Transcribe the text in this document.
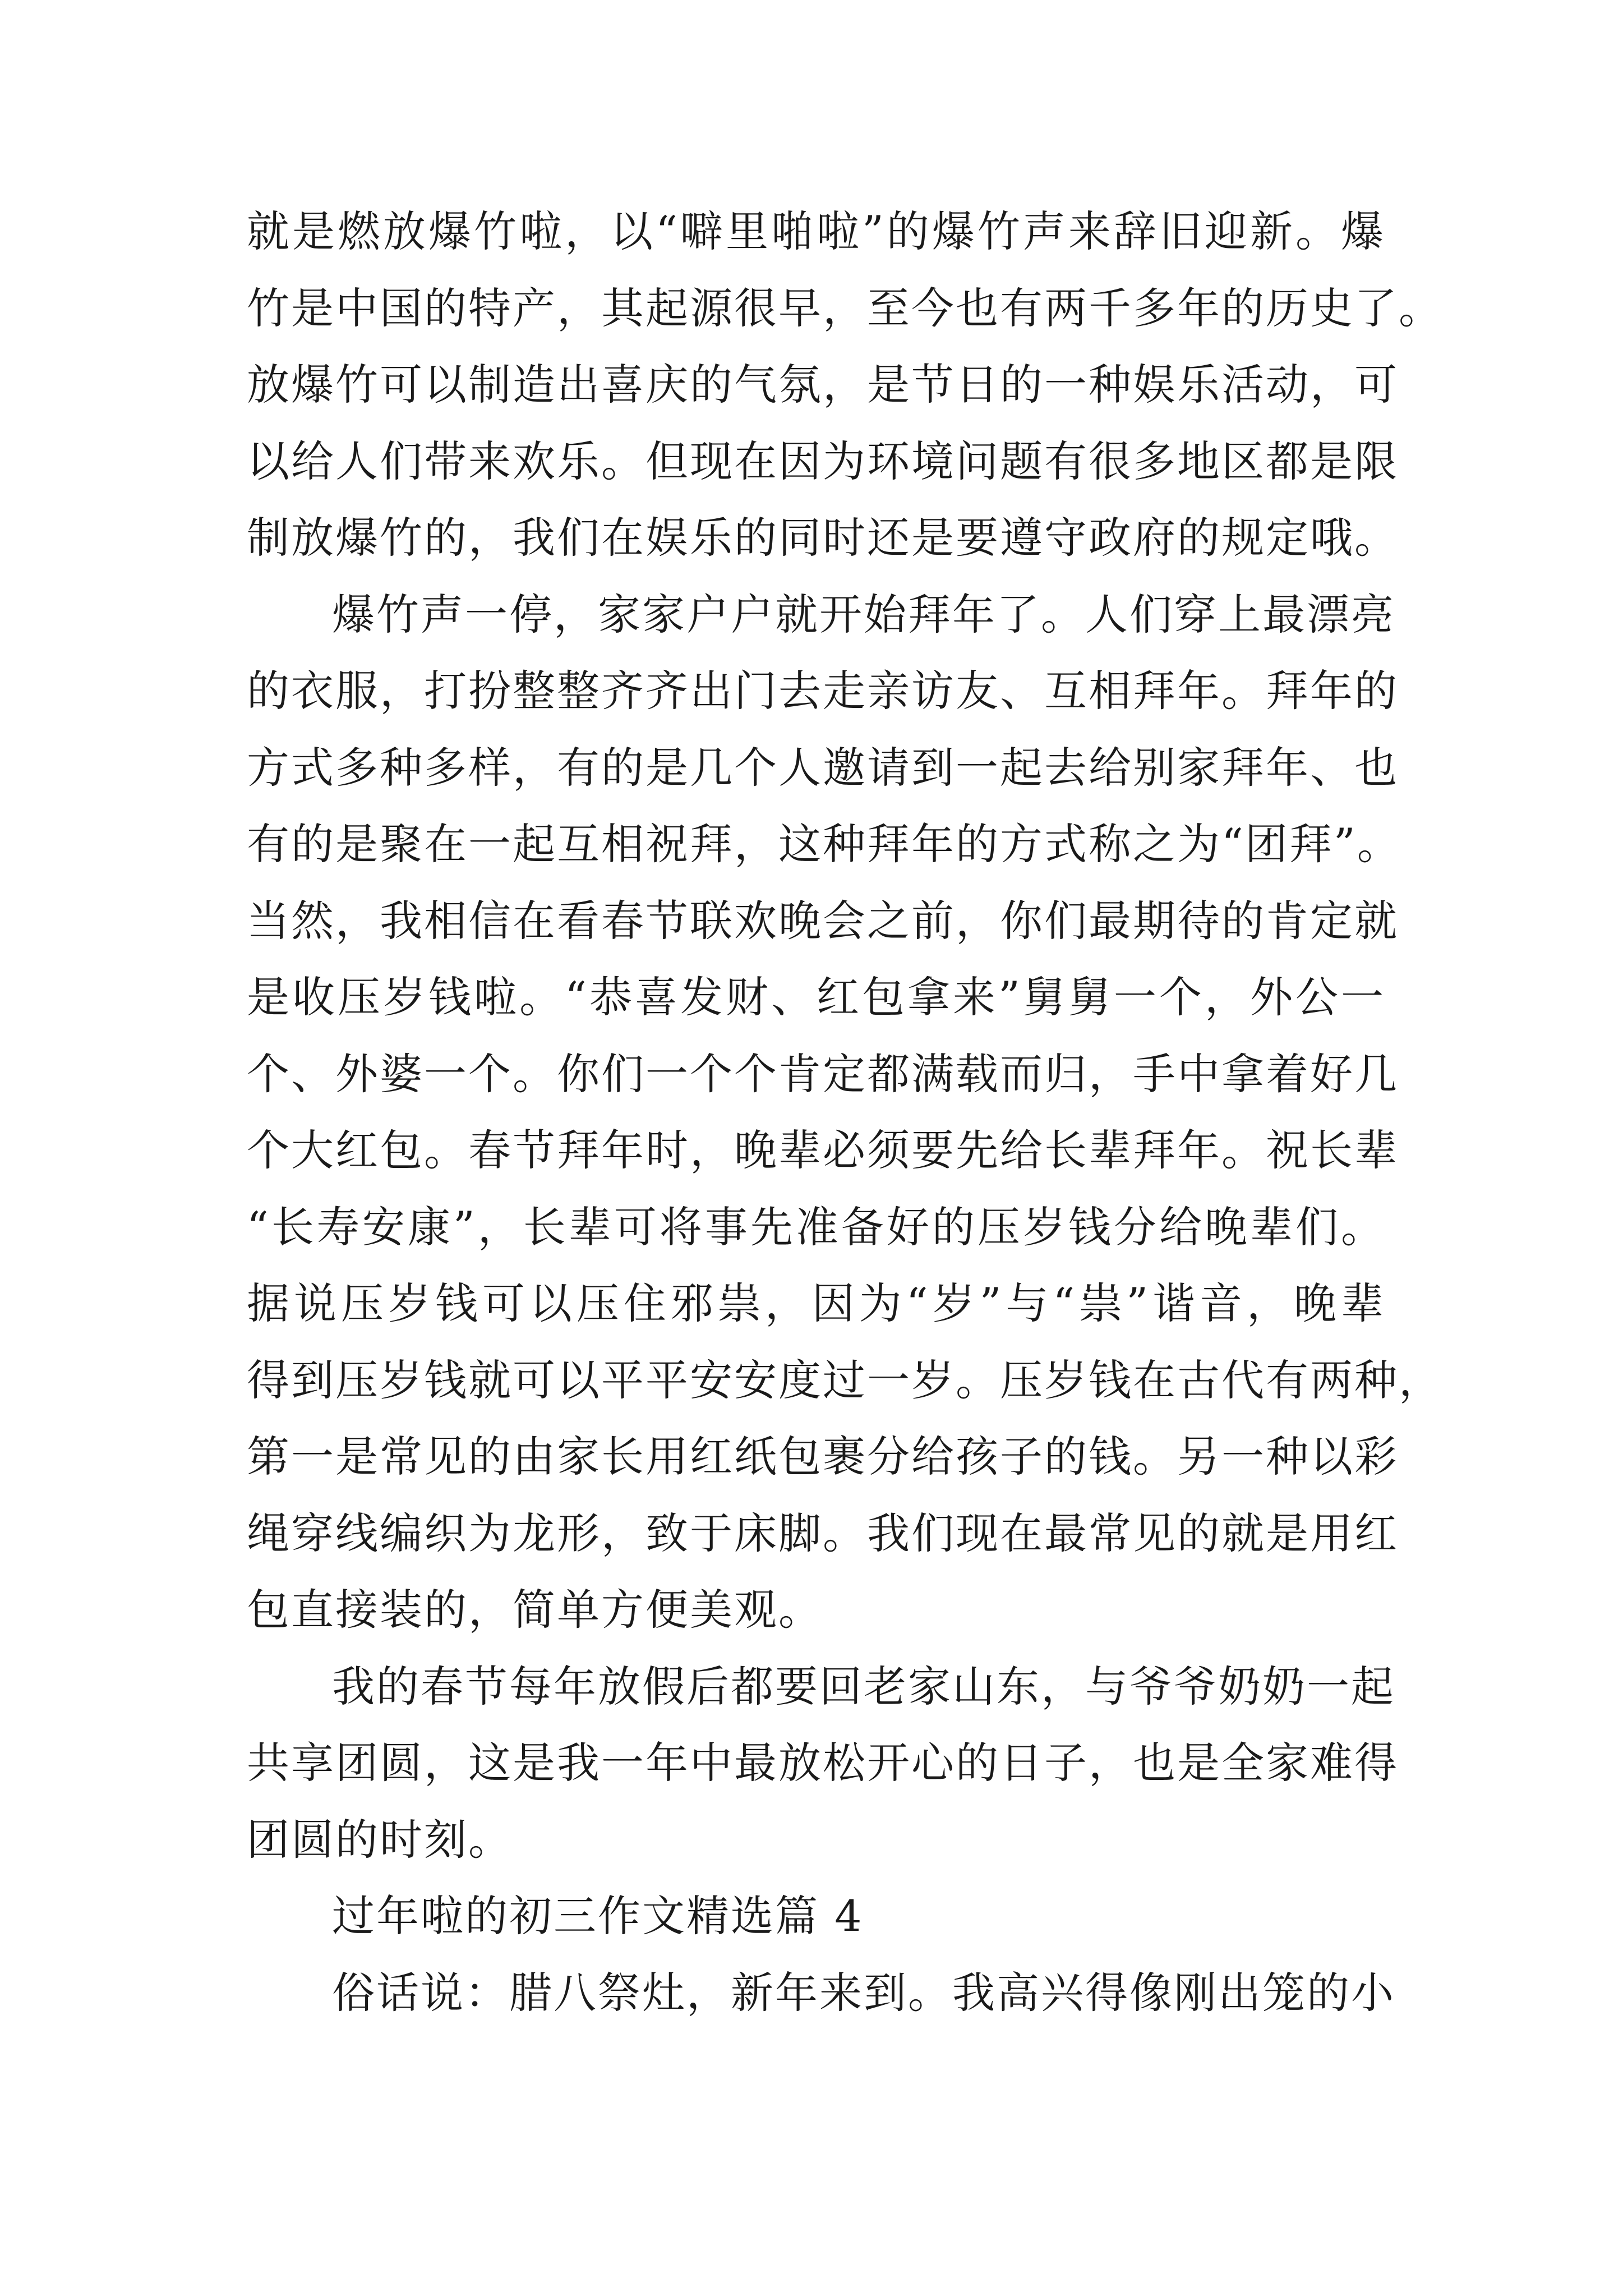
就是燃放爆竹啦，以“噼里啪啦”的爆竹声来辞旧迎新。爆
竹是中国的特产，其起源很早，至今也有两千多年的历史了。
放爆竹可以制造出喜庆的气氛，是节日的一种娱乐活动，可
以给人们带来欢乐。但现在因为环境问题有很多地区都是限
制放爆竹的，我们在娱乐的同时还是要遵守政府的规定哦。
爆竹声一停，家家户户就开始拜年了。人们穿上最漂亮
的衣服，打扮整整齐齐出门去走亲访友、互相拜年。拜年的
方式多种多样，有的是几个人邀请到一起去给别家拜年、也
有的是聚在一起互相祝拜，这种拜年的方式称之为“团拜”。
当然，我相信在看春节联欢晚会之前，你们最期待的肯定就
是收压岁钱啦。“恭喜发财、红包拿来”舅舅一个，外公一
个、外婆一个。你们一个个肯定都满载而归，手中拿着好几
个大红包。春节拜年时，晚辈必须要先给长辈拜年。祝长辈
“长寿安康”，长辈可将事先准备好的压岁钱分给晚辈们。
据说压岁钱可以压住邪祟，因为“岁”与“祟”谐音，晚辈
得到压岁钱就可以平平安安度过一岁。压岁钱在古代有两种，
第一是常见的由家长用红纸包裹分给孩子的钱。另一种以彩
绳穿线编织为龙形，致于床脚。我们现在最常见的就是用红
包直接装的，简单方便美观。
我的春节每年放假后都要回老家山东，与爷爷奶奶一起
共享团圆，这是我一年中最放松开心的日子，也是全家难得
团圆的时刻。
过年啦的初三作文精选篇 4
俗话说：腊八祭灶，新年来到。我高兴得像刚出笼的小
